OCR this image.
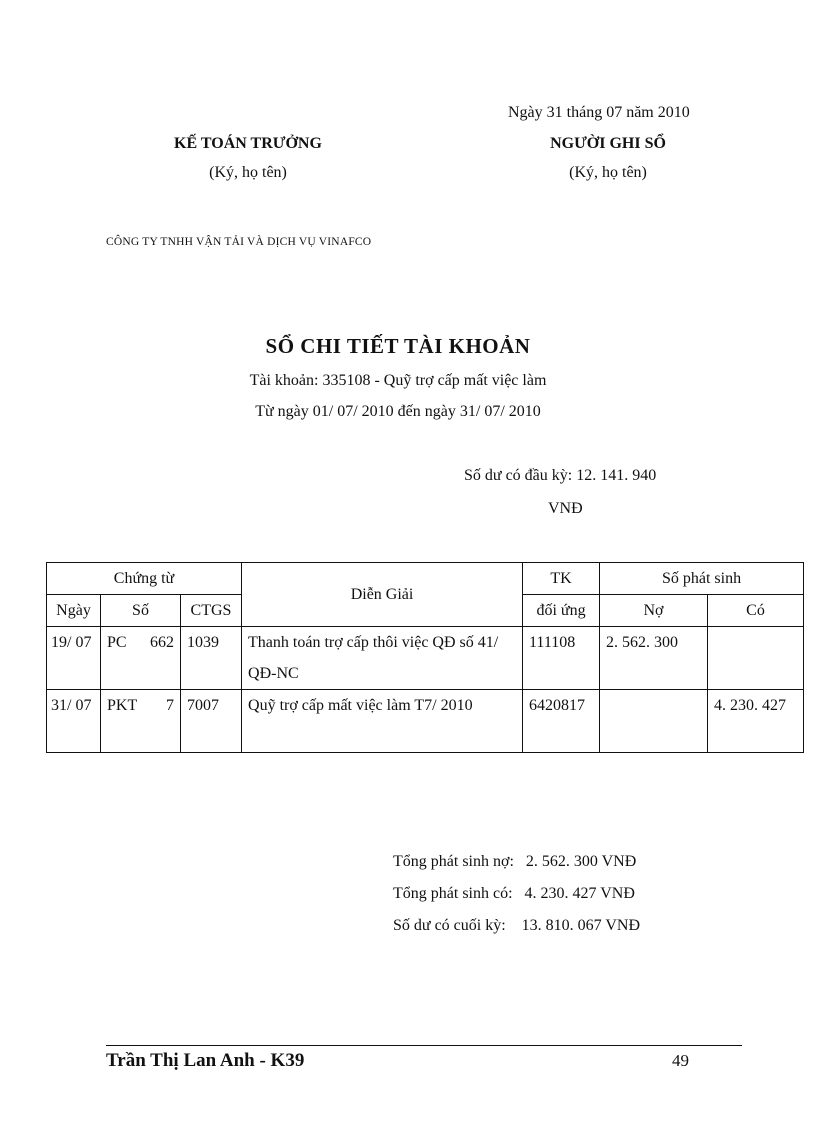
Ngày 31 tháng 07 năm 2010
KẾ TOÁN TRƯỞNG
(Ký, họ tên)
NGƯỜI GHI SỔ
(Ký, họ tên)
CÔNG TY TNHH VẬN TẢI VÀ DỊCH VỤ VINAFCO
SỔ CHI TIẾT TÀI KHOẢN
Tài khoản: 335108 - Quỹ trợ cấp mất việc làm
Từ ngày 01/ 07/ 2010 đến ngày 31/ 07/ 2010
Số dư có đầu kỳ: 12. 141. 940
VNĐ
Chứng từ			Diễn Giải	TK	Số phát sinh	
Ngày	Số	CTGS		đối ứng	Nợ	Có
19/ 07	PC 662	1039	Thanh toán trợ cấp thôi việc QĐ số 41/ QĐ-NC	111108	2. 562. 300	
31/ 07	PKT 7	7007	Quỹ trợ cấp mất việc làm T7/ 2010	6420817		4. 230. 427
Tổng phát sinh nợ:   2. 562. 300 VNĐ
Tổng phát sinh có:   4. 230. 427 VNĐ
Số dư có cuối kỳ:    13. 810. 067 VNĐ
Trần Thị Lan Anh - K39	49
